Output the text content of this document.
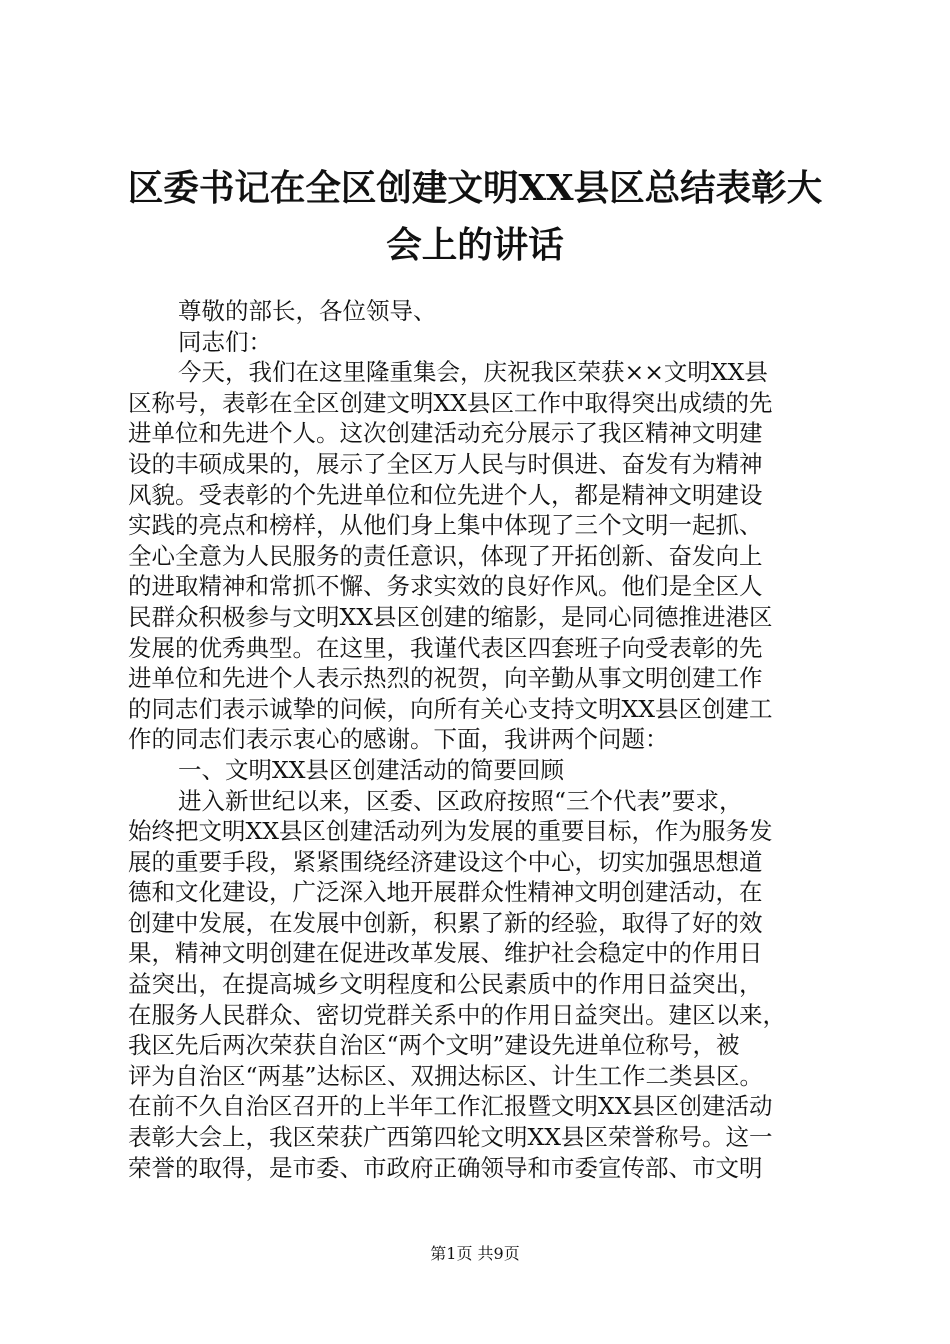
区委书记在全区创建文明XX县区总结表彰大
会上的讲话
尊敬的部长，各位领导、
同志们：
今天，我们在这里隆重集会，庆祝我区荣获××文明XX县
区称号，表彰在全区创建文明XX县区工作中取得突出成绩的先
进单位和先进个人。这次创建活动充分展示了我区精神文明建
设的丰硕成果的，展示了全区万人民与时俱进、奋发有为精神
风貌。受表彰的个先进单位和位先进个人，都是精神文明建设
实践的亮点和榜样，从他们身上集中体现了三个文明一起抓、
全心全意为人民服务的责任意识，体现了开拓创新、奋发向上
的进取精神和常抓不懈、务求实效的良好作风。他们是全区人
民群众积极参与文明XX县区创建的缩影，是同心同德推进港区
发展的优秀典型。在这里，我谨代表区四套班子向受表彰的先
进单位和先进个人表示热烈的祝贺，向辛勤从事文明创建工作
的同志们表示诚挚的问候，向所有关心支持文明XX县区创建工
作的同志们表示衷心的感谢。下面，我讲两个问题：
一、文明XX县区创建活动的简要回顾
进入新世纪以来，区委、区政府按照“三个代表”要求，
始终把文明XX县区创建活动列为发展的重要目标，作为服务发
展的重要手段，紧紧围绕经济建设这个中心，切实加强思想道
德和文化建设，广泛深入地开展群众性精神文明创建活动，在
创建中发展，在发展中创新，积累了新的经验，取得了好的效
果，精神文明创建在促进改革发展、维护社会稳定中的作用日
益突出，在提高城乡文明程度和公民素质中的作用日益突出，
在服务人民群众、密切党群关系中的作用日益突出。建区以来，
我区先后两次荣获自治区“两个文明”建设先进单位称号，被
评为自治区“两基”达标区、双拥达标区、计生工作二类县区。
在前不久自治区召开的上半年工作汇报暨文明XX县区创建活动
表彰大会上，我区荣获广西第四轮文明XX县区荣誉称号。这一
荣誉的取得，是市委、市政府正确领导和市委宣传部、市文明
第1页 共9页
